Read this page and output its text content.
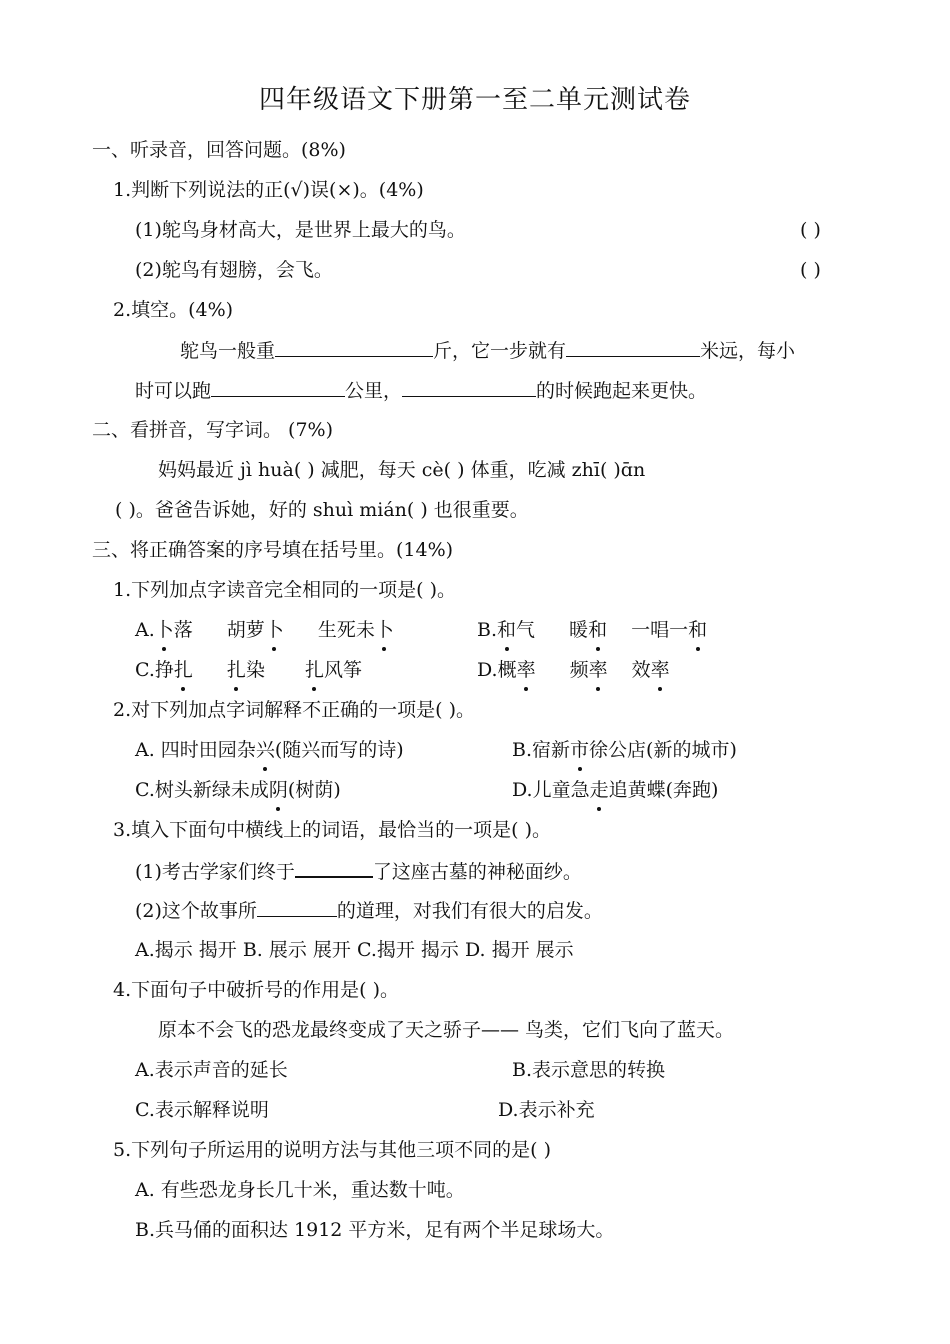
四年级语文下册第一至二单元测试卷
一、听录音，回答问题。(8%)
1.判断下列说法的正(√)误(×)。(4%)
(1)鸵鸟身材高大，是世界上最大的鸟。	( )
(2)鸵鸟有翅膀，会飞。	( )
2.填空。(4%)
鸵鸟一般重	斤，它一步就有	米远，每小
时可以跑	公里，	的时候跑起来更快。
二、看拼音，写字词。 (7%)
妈妈最近 jì huà( ) 减肥，每天 cè( ) 体重，吃减 zhī( )ɑ̄n
( )。爸爸告诉她，好的 shuì mián( ) 也很重要。
三、将正确答案的序号填在括号里。(14%)
1.下列加点字读音完全相同的一项是( )。
A.卜落 胡萝卜 生死未卜	B.和气 暖和 一唱一和
C.挣扎 扎染 扎风筝	D.概率 频率 效率
2.对下列加点字词解释不正确的一项是( )。
A. 四时田园杂兴(随兴而写的诗)	B.宿新市徐公店(新的城市)
C.树头新绿未成阴(树荫)	D.儿童急走追黄蝶(奔跑)
3.填入下面句中横线上的词语，最恰当的一项是( )。
(1)考古学家们终于	了这座古墓的神秘面纱。
(2)这个故事所	的道理，对我们有很大的启发。
A.揭示 揭开 B. 展示 展开 C.揭开 揭示 D. 揭开 展示
4.下面句子中破折号的作用是( )。
原本不会飞的恐龙最终变成了天之骄子—— 鸟类，它们飞向了蓝天。
A.表示声音的延长	B.表示意思的转换
C.表示解释说明	D.表示补充
5.下列句子所运用的说明方法与其他三项不同的是( )
A. 有些恐龙身长几十米，重达数十吨。
B.兵马俑的面积达 1912 平方米，足有两个半足球场大。
